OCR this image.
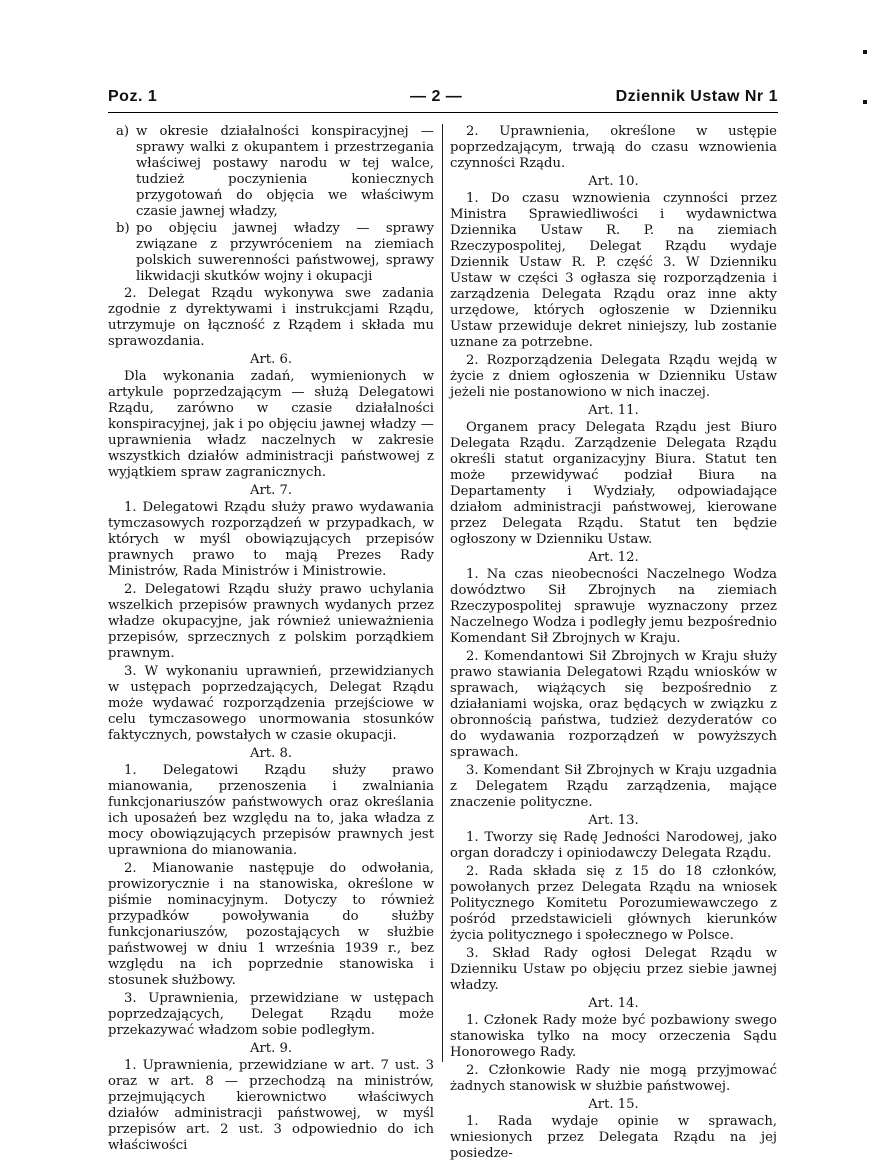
Poz. 1	— 2 —	Dziennik Ustaw Nr 1
a) w okresie działalności konspiracyjnej — sprawy walki z okupantem i przestrzegania właściwej postawy narodu w tej walce, tudzież poczynienia koniecznych przygotowań do objęcia we właściwym czasie jawnej władzy,
b) po objęciu jawnej władzy — sprawy związane z przywróceniem na ziemiach polskich suwerenności państwowej, sprawy likwidacji skutków wojny i okupacji

2. Delegat Rządu wykonywa swe zadania zgodnie z dyrektywami i instrukcjami Rządu, utrzymuje on łączność z Rządem i składa mu sprawozdania.

Art. 6.

Dla wykonania zadań, wymienionych w artykule poprzedzającym — służą Delegatowi Rządu, zarówno w czasie działalności konspiracyjnej, jak i po objęciu jawnej władzy — uprawnienia władz naczelnych w zakresie wszystkich działów administracji państwowej z wyjątkiem spraw zagranicznych.

Art. 7.

1. Delegatowi Rządu służy prawo wydawania tymczasowych rozporządzeń w przypadkach, w których w myśl obowiązujących przepisów prawnych prawo to mają Prezes Rady Ministrów, Rada Ministrów i Ministrowie.

2. Delegatowi Rządu służy prawo uchylania wszelkich przepisów prawnych wydanych przez władze okupacyjne, jak również unieważnienia przepisów, sprzecznych z polskim porządkiem prawnym.

3. W wykonaniu uprawnień, przewidzianych w ustępach poprzedzających, Delegat Rządu może wydawać rozporządzenia przejściowe w celu tymczasowego unormowania stosunków faktycznych, powstałych w czasie okupacji.

Art. 8.

1. Delegatowi Rządu służy prawo mianowania, przenoszenia i zwalniania funkcjonariuszów państwowych oraz określania ich uposażeń bez względu na to, jaka władza z mocy obowiązujących przepisów prawnych jest uprawniona do mianowania.

2. Mianowanie następuje do odwołania, prowizorycznie i na stanowiska, określone w piśmie nominacyjnym. Dotyczy to również przypadków powoływania do służby funkcjonariuszów, pozostających w służbie państwowej w dniu 1 września 1939 r., bez względu na ich poprzednie stanowiska i stosunek służbowy.

3. Uprawnienia, przewidziane w ustępach poprzedzających, Delegat Rządu może przekazywać władzom sobie podległym.

Art. 9.

1. Uprawnienia, przewidziane w art. 7 ust. 3 oraz w art. 8 — przechodzą na ministrów, przejmujących kierownictwo właściwych działów administracji państwowej, w myśl przepisów art. 2 ust. 3 odpowiednio do ich właściwości

2. Uprawnienia, określone w ustępie poprzedzającym, trwają do czasu wznowienia czynności Rządu.

Art. 10.

1. Do czasu wznowienia czynności przez Ministra Sprawiedliwości i wydawnictwa Dziennika Ustaw R. P. na ziemiach Rzeczypospolitej, Delegat Rządu wydaje Dziennik Ustaw R. P. część 3. W Dzienniku Ustaw w części 3 ogłasza się rozporządzenia i zarządzenia Delegata Rządu oraz inne akty urzędowe, których ogłoszenie w Dzienniku Ustaw przewiduje dekret niniejszy, lub zostanie uznane za potrzebne.

2. Rozporządzenia Delegata Rządu wejdą w życie z dniem ogłoszenia w Dzienniku Ustaw jeżeli nie postanowiono w nich inaczej.

Art. 11.

Organem pracy Delegata Rządu jest Biuro Delegata Rządu. Zarządzenie Delegata Rządu określi statut organizacyjny Biura. Statut ten może przewidywać podział Biura na Departamenty i Wydziały, odpowiadające działom administracji państwowej, kierowane przez Delegata Rządu. Statut ten będzie ogłoszony w Dzienniku Ustaw.

Art. 12.

1. Na czas nieobecności Naczelnego Wodza dowództwo Sił Zbrojnych na ziemiach Rzeczypospolitej sprawuje wyznaczony przez Naczelnego Wodza i podległy jemu bezpośrednio Komendant Sił Zbrojnych w Kraju.

2. Komendantowi Sił Zbrojnych w Kraju służy prawo stawiania Delegatowi Rządu wniosków w sprawach, wiążących się bezpośrednio z działaniami wojska, oraz będących w związku z obronnością państwa, tudzież dezyderatów co do wydawania rozporządzeń w powyższych sprawach.

3. Komendant Sił Zbrojnych w Kraju uzgadnia z Delegatem Rządu zarządzenia, mające znaczenie polityczne.

Art. 13.

1. Tworzy się Radę Jedności Narodowej, jako organ doradczy i opiniodawczy Delegata Rządu.

2. Rada składa się z 15 do 18 członków, powołanych przez Delegata Rządu na wniosek Politycznego Komitetu Porozumiewawczego z pośród przedstawicieli głównych kierunków życia politycznego i społecznego w Polsce.

3. Skład Rady ogłosi Delegat Rządu w Dzienniku Ustaw po objęciu przez siebie jawnej władzy.

Art. 14.

1. Członek Rady może być pozbawiony swego stanowiska tylko na mocy orzeczenia Sądu Honorowego Rady.

2. Członkowie Rady nie mogą przyjmować żadnych stanowisk w służbie państwowej.

Art. 15.

1. Rada wydaje opinie w sprawach, wniesionych przez Delegata Rządu na jej posiedze-
